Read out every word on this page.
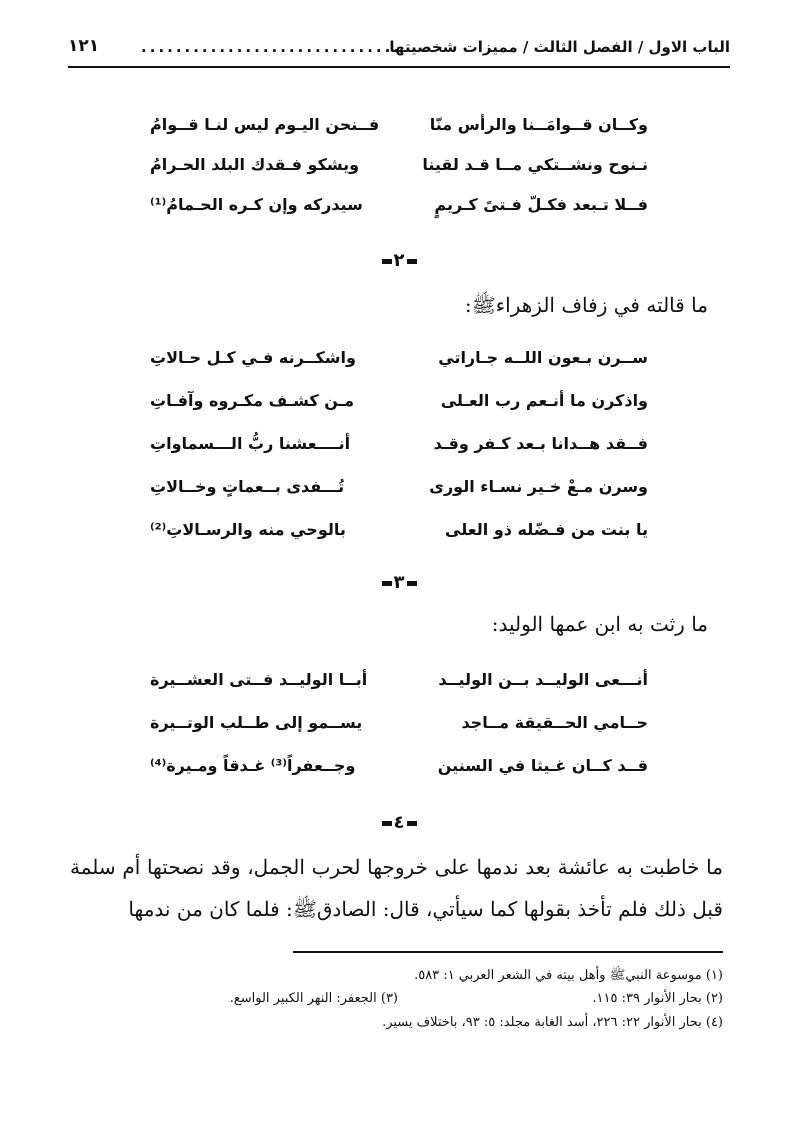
الباب الاول / الفصل الثالث / مميزات شخصيتها
..............................
١٢١
وكــان قــوامَــنا والرأس منّا
فــنحن اليـوم ليس لنـا قــوامُ
نـنوح ونشــتكي مــا قـد لقينا
ويشكو فـقدك البلد الحـرامُ
فــلا تـبعد فكـلّ فـتىً كـريمٍ
سيدركه وإن كـره الحـمامُ⁽¹⁾
٢
ما قالته في زفاف الزهراءﷺ:
ســرن بـعون اللــه جـاراتي
واشكــرنه فـي كـل حـالاتِ
واذكرن ما أنـعم رب العـلى
مـن كشـف مكـروه وآفـاتِ
فــقد هــدانا بـعد كـفر وقـد
أنــــعشنا ربُّ الـــسماواتِ
وسرن مـعْ خـير نسـاء الورى
تُـــفدى بــعماتٍ وخــالاتِ
يا بنت من فـضّله ذو العلى
بالوحي منه والرسـالاتِ⁽²⁾
٣
ما رثت به ابن عمها الوليد:
أنـــعى الوليــد بــن الوليــد
أبــا الوليــد فــتى العشــيرة
حــامي الحــقيقة مــاجد
يســمو إلى طــلب الوتــيرة
قــد كــان غـيثا في السنين
وجــعفراً⁽³⁾ غـدقاً ومـيرة⁽⁴⁾
٤
ما خاطبت به عائشة بعد ندمها على خروجها لحرب الجمل، وقد نصحتها أم سلمة قبل ذلك فلم تأخذ بقولها كما سيأتي، قال: الصادقﷺ: فلما كان من ندمها
(١) موسوعة النبيﷺ وأهل بيته في الشعر العربي ١: ٥٨٣.
(٢) بحار الأنوار ٣٩: ١١٥.
(٣) الجعفر: النهر الكبير الواسع.
(٤) بحار الأنوار ٢٢: ٢٢٦، أسد الغابة مجلد: ٥: ٩٣، باختلاف يسير.
